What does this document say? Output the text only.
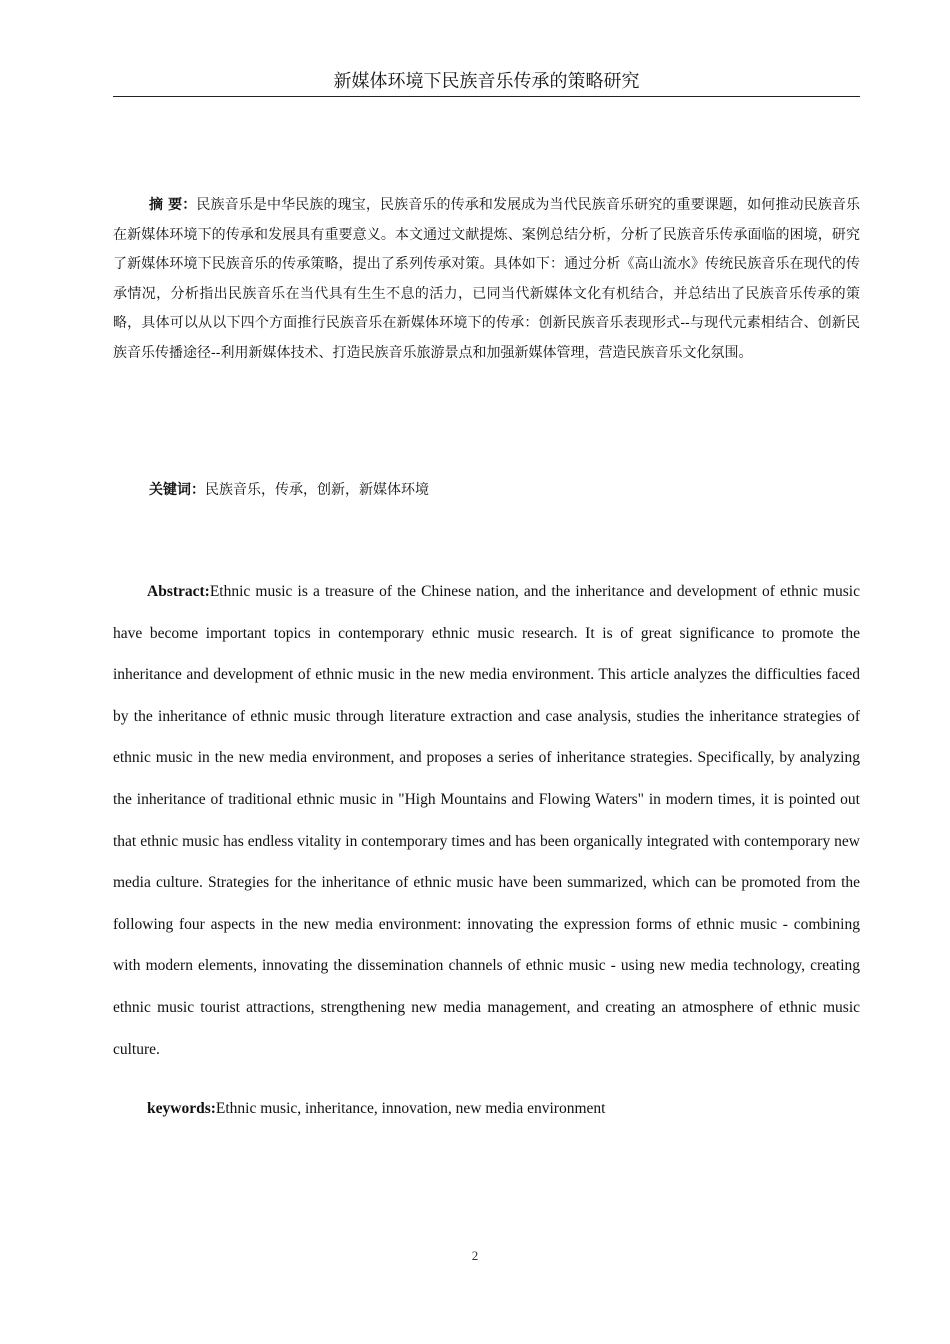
新媒体环境下民族音乐传承的策略研究
摘 要：民族音乐是中华民族的瑰宝，民族音乐的传承和发展成为当代民族音乐研究的重要课题，如何推动民族音乐在新媒体环境下的传承和发展具有重要意义。本文通过文献提炼、案例总结分析，分析了民族音乐传承面临的困境，研究了新媒体环境下民族音乐的传承策略，提出了系列传承对策。具体如下：通过分析《高山流水》传统民族音乐在现代的传承情况，分析指出民族音乐在当代具有生生不息的活力，已同当代新媒体文化有机结合，并总结出了民族音乐传承的策略，具体可以从以下四个方面推行民族音乐在新媒体环境下的传承：创新民族音乐表现形式--与现代元素相结合、创新民族音乐传播途径--利用新媒体技术、打造民族音乐旅游景点和加强新媒体管理，营造民族音乐文化氛围。
关键词：民族音乐，传承，创新，新媒体环境
Abstract:Ethnic music is a treasure of the Chinese nation, and the inheritance and development of ethnic music have become important topics in contemporary ethnic music research. It is of great significance to promote the inheritance and development of ethnic music in the new media environment. This article analyzes the difficulties faced by the inheritance of ethnic music through literature extraction and case analysis, studies the inheritance strategies of ethnic music in the new media environment, and proposes a series of inheritance strategies. Specifically, by analyzing the inheritance of traditional ethnic music in "High Mountains and Flowing Waters" in modern times, it is pointed out that ethnic music has endless vitality in contemporary times and has been organically integrated with contemporary new media culture. Strategies for the inheritance of ethnic music have been summarized, which can be promoted from the following four aspects in the new media environment: innovating the expression forms of ethnic music - combining with modern elements, innovating the dissemination channels of ethnic music - using new media technology, creating ethnic music tourist attractions, strengthening new media management, and creating an atmosphere of ethnic music culture.
keywords:Ethnic music, inheritance, innovation, new media environment
2
